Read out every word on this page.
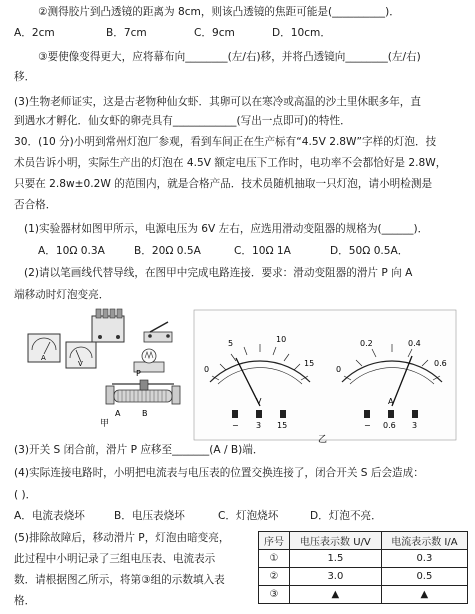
②测得胶片到凸透镜的距离为 8cm，则该凸透镜的焦距可能是(__________)．
A．2cm	B．7cm	C．9cm	D．10cm．
③要使像变得更大，应将幕布向________(左/右)移，并将凸透镜向________(左/右)
移．
(3)生物老师证实，这是古老物种仙女虾．其卵可以在寒冷或高温的沙土里休眠多年，直
到遇水才孵化．仙女虾的卵壳具有____________(写出一点即可)的特性．
30．(10 分)小明到常州灯泡厂参观，看到车间正在生产标有“4.5V 2.8W”字样的灯泡．技
术员告诉小明，实际生产出的灯泡在 4.5V 额定电压下工作时，电功率不会都恰好是 2.8W，
只要在 2.8w±0.2W 的范围内，就是合格产品．技术员随机抽取一只灯泡，请小明检测是
否合格．
(1)实验器材如图甲所示，电源电压为 6V 左右，应选用滑动变阻器的规格为(______)．
A．10Ω 0.3A	B．20Ω 0.5A	C．10Ω 1A	D．50Ω 0.5A．
(2)请以笔画线代替导线，在图甲中完成电路连接．要求：滑动变阻器的滑片 P 向 A
端移动时灯泡变亮．
A
V
P
A	B
甲
0
5	10
15
V
− 3 15
0
0.2	0.4
0.6
A
− 0.6 3
乙
(3)开关 S 闭合前，滑片 P 应移至_______(A / B)端．
(4)实际连接电路时，小明把电流表与电压表的位置交换连接了，闭合开关 S 后会造成：
( )．
A．电流表烧坏	B．电压表烧坏	C．灯泡烧坏	D．灯泡不亮．
(5)排除故障后，移动滑片 P，灯泡由暗变亮，
此过程中小明记录了三组电压表、电流表示
数．请根据图乙所示，将第③组的示数填入表
格．
序号	电压表示数 U/V	电流表示数 I/A
①	1.5	0.3
②	3.0	0.5
③	▲	▲
